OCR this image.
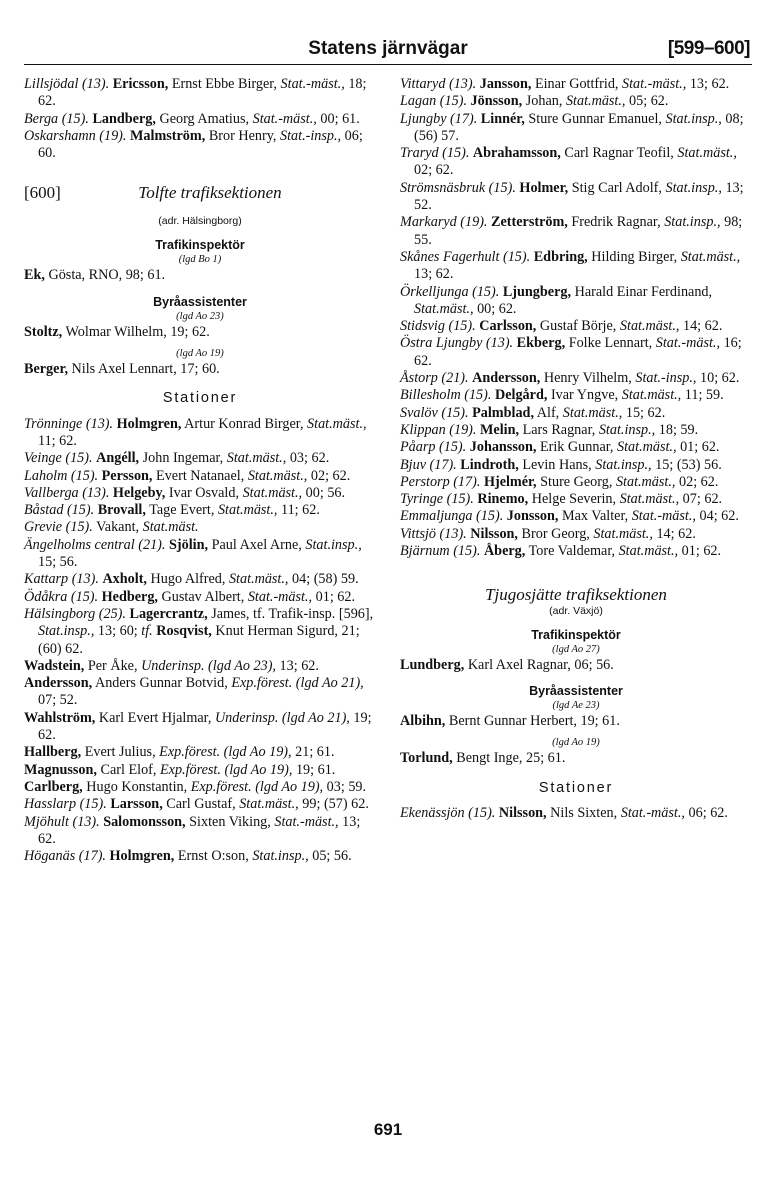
Statens järnvägar	[599–600]

Lillsjödal (13). Ericsson, Ernst Ebbe Birger, Stat.-mäst., 18; 62.

Berga (15). Landberg, Georg Amatius, Stat.-mäst., 00; 61.

Oskarshamn (19). Malmström, Bror Henry, Stat.-insp., 06; 60.

[600]	Tolfte trafiksektionen
(adr. Hälsingborg)
Trafikinspektör
(lgd Bo 1)

Ek, Gösta, RNO, 98; 61.

Byråassistenter
(lgd Ao 23)

Stoltz, Wolmar Wilhelm, 19; 62.

(lgd Ao 19)

Berger, Nils Axel Lennart, 17; 60.

Stationer

Trönninge (13). Holmgren, Artur Konrad Birger, Stat.mäst., 11; 62.

Veinge (15). Angéll, John Ingemar, Stat.mäst., 03; 62.

Laholm (15). Persson, Evert Natanael, Stat.mäst., 02; 62.

Vallberga (13). Helgeby, Ivar Osvald, Stat.mäst., 00; 56.

Båstad (15). Brovall, Tage Evert, Stat.mäst., 11; 62.

Grevie (15). Vakant, Stat.mäst.

Ängelholms central (21). Sjölin, Paul Axel Arne, Stat.insp., 15; 56.

Kattarp (13). Axholt, Hugo Alfred, Stat.mäst., 04; (58) 59.

Ödåkra (15). Hedberg, Gustav Albert, Stat.-mäst., 01; 62.

Hälsingborg (25). Lagercrantz, James, tf. Trafik-insp. [596], Stat.insp., 13; 60; tf. Rosqvist, Knut Herman Sigurd, 21; (60) 62.

Wadstein, Per Åke, Underinsp. (lgd Ao 23), 13; 62.

Andersson, Anders Gunnar Botvid, Exp.förest. (lgd Ao 21), 07; 52.

Wahlström, Karl Evert Hjalmar, Underinsp. (lgd Ao 21), 19; 62.

Hallberg, Evert Julius, Exp.förest. (lgd Ao 19), 21; 61.

Magnusson, Carl Elof, Exp.förest. (lgd Ao 19), 19; 61.

Carlberg, Hugo Konstantin, Exp.förest. (lgd Ao 19), 03; 59.

Hasslarp (15). Larsson, Carl Gustaf, Stat.mäst., 99; (57) 62.

Mjöhult (13). Salomonsson, Sixten Viking, Stat.-mäst., 13; 62.

Höganäs (17). Holmgren, Ernst O:son, Stat.insp., 05; 56.

Vittaryd (13). Jansson, Einar Gottfrid, Stat.-mäst., 13; 62.

Lagan (15). Jönsson, Johan, Stat.mäst., 05; 62.

Ljungby (17). Linnér, Sture Gunnar Emanuel, Stat.insp., 08; (56) 57.

Traryd (15). Abrahamsson, Carl Ragnar Teofil, Stat.mäst., 02; 62.

Strömsnäsbruk (15). Holmer, Stig Carl Adolf, Stat.insp., 13; 52.

Markaryd (19). Zetterström, Fredrik Ragnar, Stat.insp., 98; 55.

Skånes Fagerhult (15). Edbring, Hilding Birger, Stat.mäst., 13; 62.

Örkelljunga (15). Ljungberg, Harald Einar Ferdinand, Stat.mäst., 00; 62.

Stidsvig (15). Carlsson, Gustaf Börje, Stat.mäst., 14; 62.

Östra Ljungby (13). Ekberg, Folke Lennart, Stat.-mäst., 16; 62.

Åstorp (21). Andersson, Henry Vilhelm, Stat.-insp., 10; 62.

Billesholm (15). Delgård, Ivar Yngve, Stat.mäst., 11; 59.

Svalöv (15). Palmblad, Alf, Stat.mäst., 15; 62.

Klippan (19). Melin, Lars Ragnar, Stat.insp., 18; 59.

Påarp (15). Johansson, Erik Gunnar, Stat.mäst., 01; 62.

Bjuv (17). Lindroth, Levin Hans, Stat.insp., 15; (53) 56.

Perstorp (17). Hjelmér, Sture Georg, Stat.mäst., 02; 62.

Tyringe (15). Rinemo, Helge Severin, Stat.mäst., 07; 62.

Emmaljunga (15). Jonsson, Max Valter, Stat.-mäst., 04; 62.

Vittsjö (13). Nilsson, Bror Georg, Stat.mäst., 14; 62.

Bjärnum (15). Åberg, Tore Valdemar, Stat.mäst., 01; 62.

Tjugosjätte trafiksektionen
(adr. Växjö)
Trafikinspektör
(lgd Ao 27)

Lundberg, Karl Axel Ragnar, 06; 56.

Byråassistenter
(lgd Ae 23)

Albihn, Bernt Gunnar Herbert, 19; 61.

(lgd Ao 19)

Torlund, Bengt Inge, 25; 61.

Stationer

Ekenässjön (15). Nilsson, Nils Sixten, Stat.-mäst., 06; 62.

691
